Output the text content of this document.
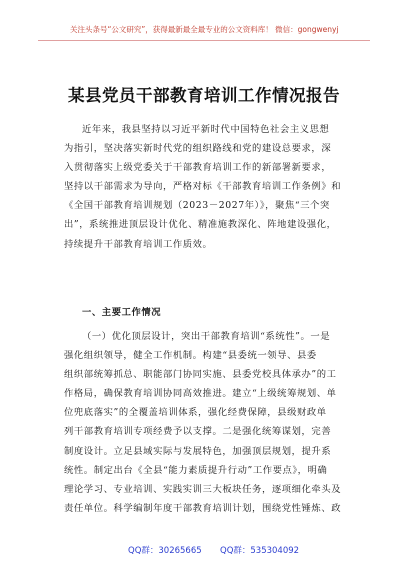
关注头条号“公文研究”，获得最新最全最专业的公文资料库！ 微信：gongwenyj
某县党员干部教育培训工作情况报告
近年来，我县坚持以习近平新时代中国特色社会主义思想
为指引，坚决落实新时代党的组织路线和党的建设总要求，深
入贯彻落实上级党委关于干部教育培训工作的新部署新要求，
坚持以干部需求为导向，严格对标《干部教育培训工作条例》和
《全国干部教育培训规划（2023－2027年）》，聚焦“三个突
出”，系统推进顶层设计优化、精准施教深化、阵地建设强化，
持续提升干部教育培训工作质效。
一、主要工作情况
（一）优化顶层设计，突出干部教育培训“系统性”。一是
强化组织领导，健全工作机制。构建“县委统一领导、县委
组织部统筹抓总、职能部门协同实施、县委党校具体承办”的工
作格局，确保教育培训协同高效推进。建立“上级统筹规划、单
位兜底落实”的全覆盖培训体系，强化经费保障，县级财政单
列干部教育培训专项经费予以支撑。二是强化统筹谋划，完善
制度设计。立足县域实际与发展特色，加强顶层规划，提升系
统性。制定出台《全县“能力素质提升行动”工作要点》，明确
理论学习、专业培训、实践实训三大板块任务，逐项细化牵头及
责任单位。科学编制年度干部教育培训计划，围绕党性锤炼、政
QQ群：30265665 QQ群：535304092
